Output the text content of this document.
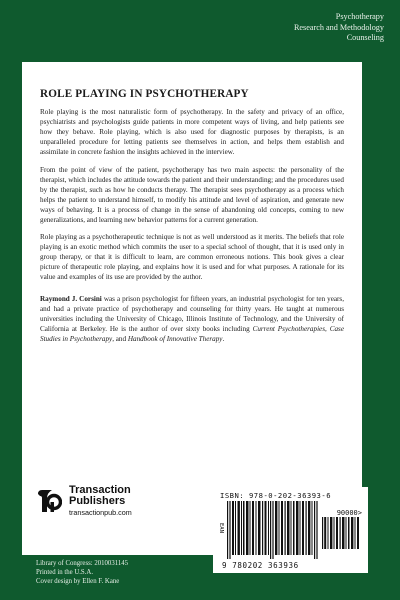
Psychotherapy
Research and Methodology
Counseling
ROLE PLAYING IN PSYCHOTHERAPY

Role playing is the most naturalistic form of psychotherapy. In the safety and privacy of an office, psychiatrists and psychologists guide patients in more competent ways of living, and help patients see how they behave. Role playing, which is also used for diagnostic purposes by therapists, is an unparalleled procedure for letting patients see themselves in action, and helps them establish and assimilate in concrete fashion the insights achieved in the interview.

From the point of view of the patient, psychotherapy has two main aspects: the personality of the therapist, which includes the attitude towards the patient and their understanding; and the procedures used by the therapist, such as how he conducts therapy. The therapist sees psychotherapy as a process which helps the patient to understand himself, to modify his attitude and level of aspiration, and generate new ways of behaving. It is a process of change in the sense of abandoning old concepts, coming to new generalizations, and learning new behavior patterns for a current generation.

Role playing as a psychotherapeutic technique is not as well understood as it merits. The beliefs that role playing is an exotic method which commits the user to a special school of thought, that it is used only in group therapy, or that it is difficult to learn, are common erroneous notions. This book gives a clear picture of therapeutic role playing, and explains how it is used and for what purposes. A rationale for its value and examples of its use are provided by the author.

Raymond J. Corsini was a prison psychologist for fifteen years, an industrial psychologist for ten years, and had a private practice of psychotherapy and counseling for thirty years. He taught at numerous universities including the University of Chicago, Illinois Institute of Technology, and the University of California at Berkeley. He is the author of over sixty books including Current Psychotherapies, Case Studies in Psychotherapy, and Handbook of Innovative Therapy.

Transaction
Publishers
transactionpub.com
Library of Congress: 2010031145
Printed in the U.S.A.
Cover design by Ellen F. Kane
ISBN: 978-0-202-36393-6
EAN
90000>
9 780202 363936
